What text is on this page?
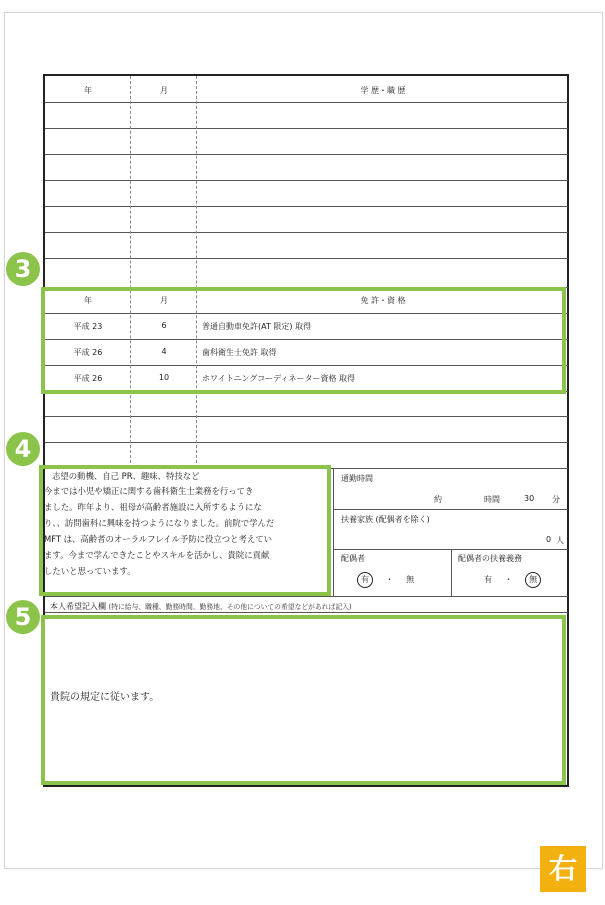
年	月	学 歴・職 歴
年	月	免 許・資 格
平成 23	6	普通自動車免許(AT 限定) 取得
平成 26	4	歯科衛生士免許 取得
平成 26	10	ホワイトニングコーディネーター資格 取得
志望の動機、自己 PR、趣味、特技など
今までは小児や矯正に関する歯科衛生士業務を行ってき
ました。昨年より、祖母が高齢者施設に入所するようにな
り、、訪問歯科に興味を持つようになりました。前院で学んだ
MFT は、高齢者のオーラルフレイル予防に役立つと考えてい
ます。今まで学んできたことやスキルを活かし、貴院に貢献
したいと思っています。
通勤時間
約	時間	30 分
扶養家族 (配偶者を除く)
0 人
配偶者
有 ・ 無
配偶者の扶養義務
有 ・ 無
本人希望記入欄 (特に給与、職種、勤務時間、勤務地、その他についての希望などがあれば記入)
貴院の規定に従います。
3
4
5
右
